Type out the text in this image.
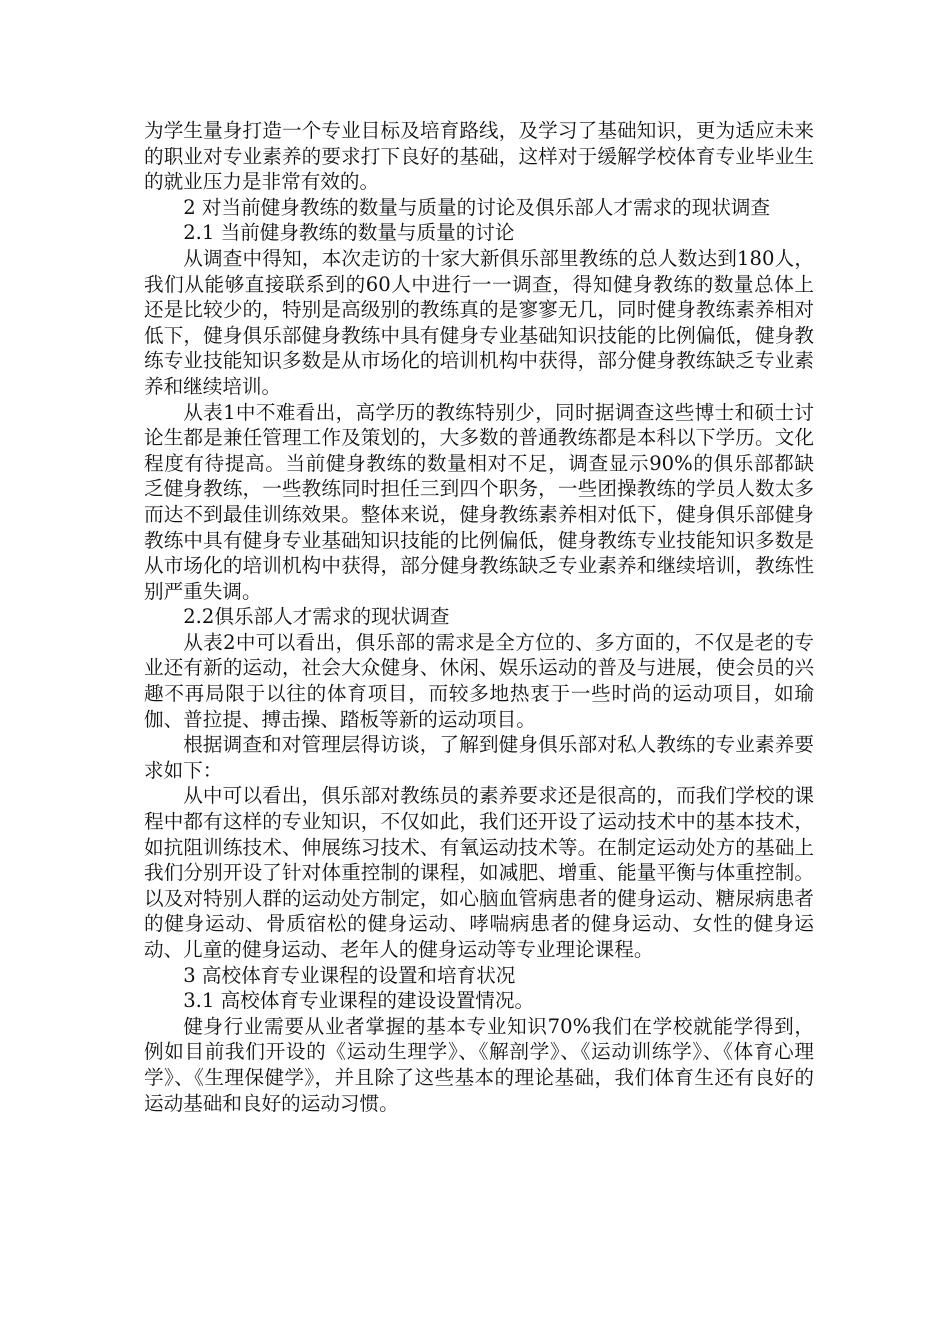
为学生量身打造一个专业目标及培育路线，及学习了基础知识，更为适应未来的职业对专业素养的要求打下良好的基础，这样对于缓解学校体育专业毕业生的就业压力是非常有效的。

2 对当前健身教练的数量与质量的讨论及俱乐部人才需求的现状调查

2.1 当前健身教练的数量与质量的讨论

从调查中得知，本次走访的十家大新俱乐部里教练的总人数达到180人，我们从能够直接联系到的60人中进行一一调查，得知健身教练的数量总体上还是比较少的，特别是高级别的教练真的是寥寥无几，同时健身教练素养相对低下，健身俱乐部健身教练中具有健身专业基础知识技能的比例偏低，健身教练专业技能知识多数是从市场化的培训机构中获得，部分健身教练缺乏专业素养和继续培训。

从表1中不难看出，高学历的教练特别少，同时据调查这些博士和硕士讨论生都是兼任管理工作及策划的，大多数的普通教练都是本科以下学历。文化程度有待提高。当前健身教练的数量相对不足，调查显示90%的俱乐部都缺乏健身教练，一些教练同时担任三到四个职务，一些团操教练的学员人数太多而达不到最佳训练效果。整体来说，健身教练素养相对低下，健身俱乐部健身教练中具有健身专业基础知识技能的比例偏低，健身教练专业技能知识多数是从市场化的培训机构中获得，部分健身教练缺乏专业素养和继续培训，教练性别严重失调。

2.2俱乐部人才需求的现状调查

从表2中可以看出，俱乐部的需求是全方位的、多方面的，不仅是老的专业还有新的运动，社会大众健身、休闲、娱乐运动的普及与进展，使会员的兴趣不再局限于以往的体育项目，而较多地热衷于一些时尚的运动项目，如瑜伽、普拉提、搏击操、踏板等新的运动项目。

根据调查和对管理层得访谈，了解到健身俱乐部对私人教练的专业素养要求如下：

从中可以看出，俱乐部对教练员的素养要求还是很高的，而我们学校的课程中都有这样的专业知识，不仅如此，我们还开设了运动技术中的基本技术，如抗阻训练技术、伸展练习技术、有氧运动技术等。在制定运动处方的基础上我们分别开设了针对体重控制的课程，如减肥、增重、能量平衡与体重控制。以及对特别人群的运动处方制定，如心脑血管病患者的健身运动、糖尿病患者的健身运动、骨质宿松的健身运动、哮喘病患者的健身运动、女性的健身运动、儿童的健身运动、老年人的健身运动等专业理论课程。

3 高校体育专业课程的设置和培育状况

3.1 高校体育专业课程的建设设置情况。

健身行业需要从业者掌握的基本专业知识70%我们在学校就能学得到，例如目前我们开设的《运动生理学》、《解剖学》、《运动训练学》、《体育心理学》、《生理保健学》，并且除了这些基本的理论基础，我们体育生还有良好的运动基础和良好的运动习惯。
